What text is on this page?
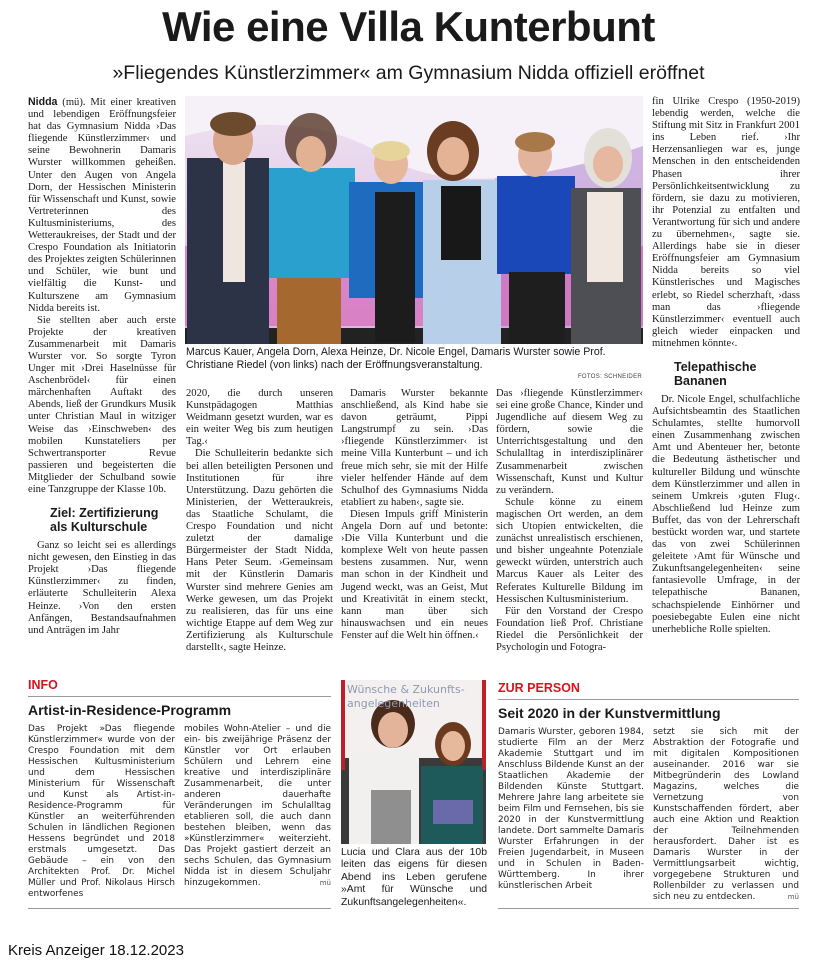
Wie eine Villa Kunterbunt
»Fliegendes Künstlerzimmer« am Gymnasium Nidda offiziell eröffnet

Nidda (mü). Mit einer kreativen und lebendigen Eröffnungsfeier hat das Gymnasium Nidda ›Das fliegende Künstlerzimmer‹ und seine Bewohnerin Damaris Wurster willkommen geheißen. Unter den Augen von Angela Dorn, der Hessischen Ministerin für Wissenschaft und Kunst, sowie Vertreterinnen des Kultusministeriums, des Wetteraukreises, der Stadt und der Crespo Foundation als Initiatorin des Projektes zeigten Schülerinnen und Schüler, wie bunt und vielfältig die Kunst- und Kulturszene am Gymnasium Nidda bereits ist.

Sie stellten aber auch erste Projekte der kreativen Zusammenarbeit mit Damaris Wurster vor. So sorgte Tyron Unger mit ›Drei Haselnüsse für Aschenbrödel‹ für einen märchenhaften Auftakt des Abends, ließ der Grundkurs Musik unter Christian Maul in witziger Weise das ›Einschweben‹ des mobilen Kunstateliers per Schwertransporter Revue passieren und begeisterten die Mitglieder der Schulband sowie eine Tanzgruppe der Klasse 10b.

Ziel: Zertifizierung als Kulturschule

Ganz so leicht sei es allerdings nicht gewesen, den Einstieg in das Projekt ›Das fliegende Künstlerzimmer‹ zu finden, erläuterte Schulleiterin Alexa Heinze. ›Von den ersten Anfängen, Bestandsaufnahmen und Anträgen im Jahr

Marcus Kauer, Angela Dorn, Alexa Heinze, Dr. Nicole Engel, Damaris Wurster sowie Prof. Christiane Riedel (von links) nach der Eröffnungsveranstaltung.
FOTOS: SCHNEIDER

2020, die durch unseren Kunstpädagogen Matthias Weidmann gesetzt wurden, war es ein weiter Weg bis zum heutigen Tag.‹

Die Schulleiterin bedankte sich bei allen beteiligten Personen und Institutionen für ihre Unterstützung. Dazu gehörten die Ministerien, der Wetteraukreis, das Staatliche Schulamt, die Crespo Foundation und nicht zuletzt der damalige Bürgermeister der Stadt Nidda, Hans Peter Seum. ›Gemeinsam mit der Künstlerin Damaris Wurster sind mehrere Genies am Werke gewesen, um das Projekt zu realisieren, das für uns eine wichtige Etappe auf dem Weg zur Zertifizierung als Kulturschule darstellt‹, sagte Heinze.

Damaris Wurster bekannte anschließend, als Kind habe sie davon geträumt, Pippi Langstrumpf zu sein. ›Das ›fliegende Künstlerzimmer‹ ist meine Villa Kunterbunt – und ich freue mich sehr, sie mit der Hilfe vieler helfender Hände auf dem Schulhof des Gymnasiums Nidda etabliert zu haben‹, sagte sie.

Diesen Impuls griff Ministerin Angela Dorn auf und betonte: ›Die Villa Kunterbunt und die komplexe Welt von heute passen bestens zusammen. Nur, wenn man schon in der Kindheit und Jugend weckt, was an Geist, Mut und Kreativität in einem steckt, kann man über sich hinauswachsen und ein neues Fenster auf die Welt hin öffnen.‹

Das ›fliegende Künstlerzimmer‹ sei eine große Chance, Kinder und Jugendliche auf diesem Weg zu fördern, sowie die Unterrichtsgestaltung und den Schulalltag in interdisziplinärer Zusammenarbeit zwischen Wissenschaft, Kunst und Kultur zu verändern.

Schule könne zu einem magischen Ort werden, an dem sich Utopien entwickelten, die zunächst unrealistisch erschienen, und bisher ungeahnte Potenziale geweckt würden, unterstrich auch Marcus Kauer als Leiter des Referates Kulturelle Bildung im Hessischen Kultusministerium.

Für den Vorstand der Crespo Foundation ließ Prof. Christiane Riedel die Persönlichkeit der Psychologin und Fotogra-

fin Ulrike Crespo (1950-2019) lebendig werden, welche die Stiftung mit Sitz in Frankfurt 2001 ins Leben rief. ›Ihr Herzensanliegen war es, junge Menschen in den entscheidenden Phasen ihrer Persönlichkeitsentwicklung zu fördern, sie dazu zu motivieren, ihr Potenzial zu entfalten und Verantwortung für sich und andere zu übernehmen‹, sagte sie. Allerdings habe sie in dieser Eröffnungsfeier am Gymnasium Nidda bereits so viel Künstlerisches und Magisches erlebt, so Riedel scherzhaft, ›dass man das ›fliegende Künstlerzimmer‹ eventuell auch gleich wieder einpacken und mitnehmen könnte‹.

Telepathische Bananen

Dr. Nicole Engel, schulfachliche Aufsichtsbeamtin des Staatlichen Schulamtes, stellte humorvoll einen Zusammenhang zwischen Amt und Abenteuer her, betonte die Bedeutung ästhetischer und kultureller Bildung und wünschte dem Künstlerzimmer und allen in seinem Umkreis ›guten Flug‹. Abschließend lud Heinze zum Buffet, das von der Lehrerschaft bestückt worden war, und startete das von zwei Schülerinnen geleitete ›Amt für Wünsche und Zukunftsangelegenheiten‹ seine fantasievolle Umfrage, in der telepathische Bananen, schachspielende Einhörner und poesiebegabte Eulen eine nicht unerhebliche Rolle spielten.

INFO
Artist-in-Residence-Programm
Das Projekt »Das fliegende Künstlerzimmer« wurde von der Crespo Foundation mit dem Hessischen Kultusministerium und dem Hessischen Ministerium für Wissenschaft und Kunst als Artist-in-Residence-Programm für Künstler an weiterführenden Schulen in ländlichen Regionen Hessens begründet und 2018 erstmals umgesetzt. Das Gebäude – ein von den Architekten Prof. Dr. Michel Müller und Prof. Nikolaus Hirsch entworfenes
mobiles Wohn-Atelier – und die ein- bis zweijährige Präsenz der Künstler vor Ort erlauben Schülern und Lehrern eine kreative und interdisziplinäre Zusammenarbeit, die unter anderen dauerhafte Veränderungen im Schulalltag etablieren soll, die auch dann bestehen bleiben, wenn das »Künstlerzimmer« weiterzieht. Das Projekt gastiert derzeit an sechs Schulen, das Gymnasium Nidda ist in diesem Schuljahr hinzugekommen.	mü
Wünsche & Zukunfts-angelegenheiten
Lucia und Clara aus der 10b leiten das eigens für diesen Abend ins Leben gerufene »Amt für Wünsche und Zukunftsangelegenheiten«.
ZUR PERSON
Seit 2020 in der Kunstvermittlung
Damaris Wurster, geboren 1984, studierte Film an der Merz Akademie Stuttgart und im Anschluss Bildende Kunst an der Staatlichen Akademie der Bildenden Künste Stuttgart. Mehrere Jahre lang arbeitete sie beim Film und Fernsehen, bis sie 2020 in der Kunstvermittlung landete. Dort sammelte Damaris Wurster Erfahrungen in der Freien Jugendarbeit, in Museen und in Schulen in Baden-Württemberg. In ihrer künstlerischen Arbeit
setzt sie sich mit der Abstraktion der Fotografie und mit digitalen Kompositionen auseinander. 2016 war sie Mitbegründerin des Lowland Magazins, welches die Vernetzung von Kunstschaffenden fördert, aber auch eine Aktion und Reaktion der Teilnehmenden herausfordert. Daher ist es Damaris Wurster in der Vermittlungsarbeit wichtig, vorgegebene Strukturen und Rollenbilder zu verlassen und sich neu zu entdecken.	mü
Kreis Anzeiger 18.12.2023
